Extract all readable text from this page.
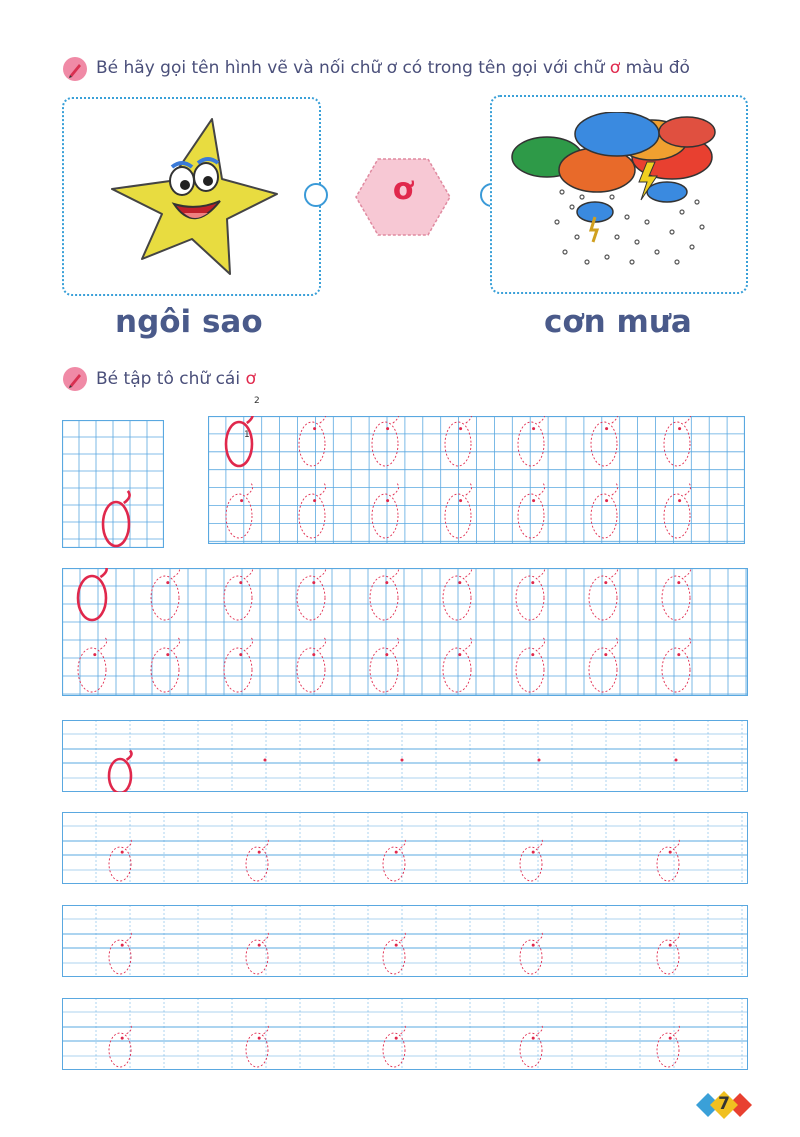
Bé hãy gọi tên hình vẽ và nối chữ ơ có trong tên gọi với chữ ơ màu đỏ
ơ
ngôi sao	cơn mưa
Bé tập tô chữ cái ơ
7
2
1
